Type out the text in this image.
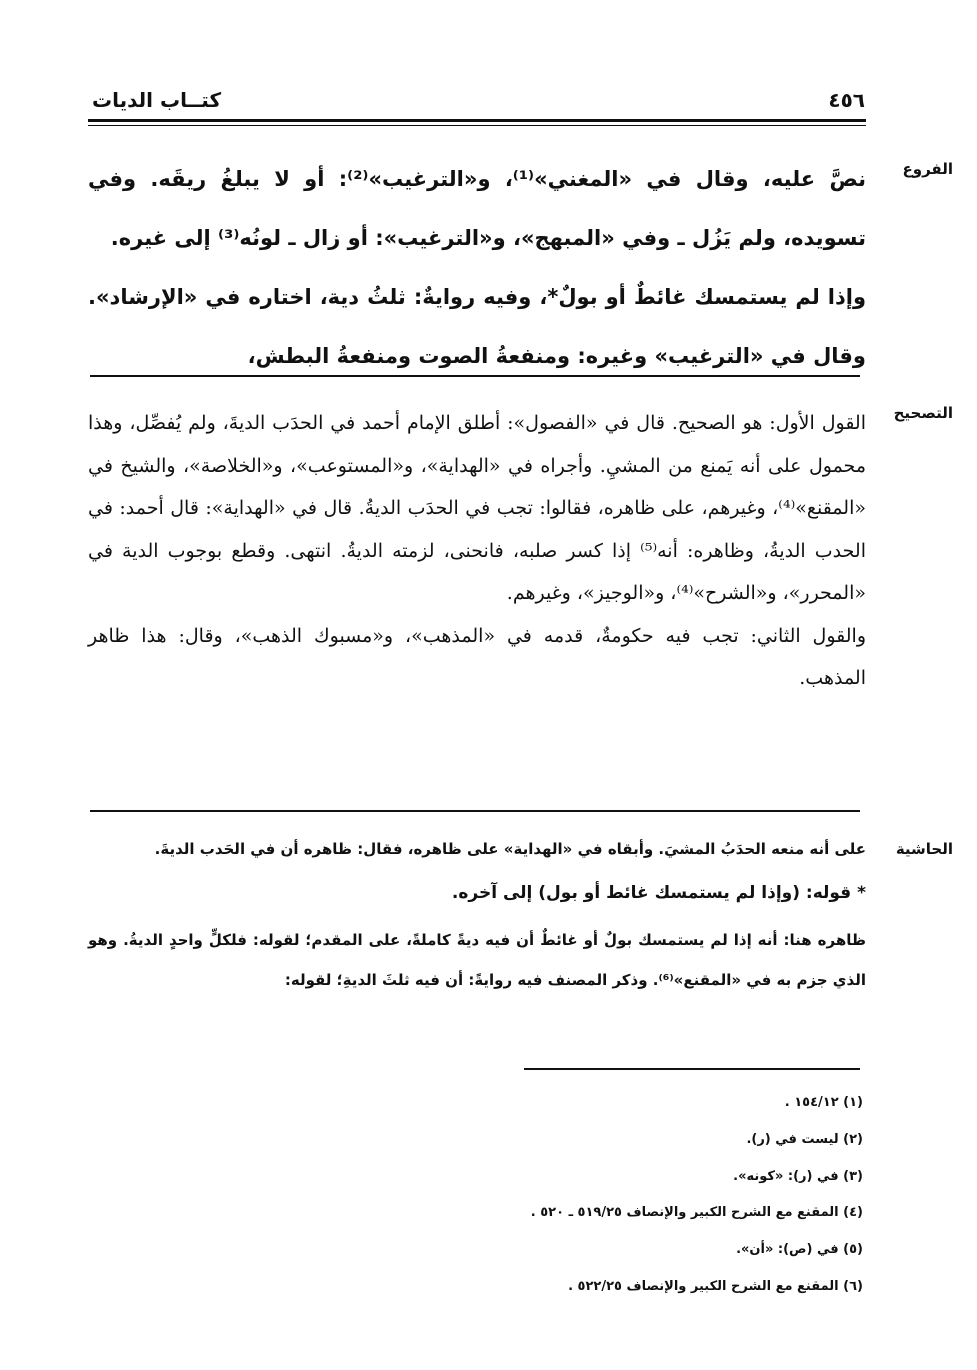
٤٥٦
كتــاب الديات
الفروع

نصَّ عليه، وقال في «المغني»⁽¹⁾، و«الترغيب»⁽²⁾: أو لا يبلغُ ريقَه. وفي تسويده، ولم يَزُل ـ وفي «المبهج»، و«الترغيب»: أو زال ـ لونُه⁽³⁾ إلى غيره.

وإذا لم يستمسك غائطٌ أو بولٌ*، وفيه روايةٌ: ثلثُ دية، اختاره في «الإرشاد». وقال في «الترغيب» وغيره: ومنفعةُ الصوت ومنفعةُ البطش،

التصحيح

القول الأول: هو الصحيح. قال في «الفصول»: أطلق الإمام أحمد في الحدَب الديةَ، ولم يُفصِّل، وهذا محمول على أنه يَمنع من المشيِ. وأجراه في «الهداية»، و«المستوعب»، و«الخلاصة»، والشيخ في «المقنع»⁽⁴⁾، وغيرهم، على ظاهره، فقالوا: تجب في الحدَب الديةُ. قال في «الهداية»: قال أحمد: في الحدب الديةُ، وظاهره: أنه⁽⁵⁾ إذا كسر صلبه، فانحنى، لزمته الديةُ. انتهى. وقطع بوجوب الدية في «المحرر»، و«الشرح»⁽⁴⁾، و«الوجيز»، وغيرهم.

والقول الثاني: تجب فيه حكومةٌ، قدمه في «المذهب»، و«مسبوك الذهب»، وقال: هذا ظاهر المذهب.

الحاشية

على أنه منعه الحدَبُ المشيَ. وأبقاه في «الهداية» على ظاهره، فقال: ظاهره أن في الحَدب الديةَ.

* قوله: (وإذا لم يستمسك غائط أو بول) إلى آخره.

ظاهره هنا: أنه إذا لم يستمسك بولٌ أو غائطٌ أن فيه ديةً كاملةً، على المقدم؛ لقوله: فلكلٍّ واحدٍ الديةُ. وهو الذي جزم به في «المقنع»⁽⁶⁾. وذكر المصنف فيه روايةً: أن فيه ثلثَ الديةِ؛ لقوله:

(١) ١٥٤/١٢ .
(٢) ليست في (ر).
(٣) في (ر): «كونه».
(٤) المقنع مع الشرح الكبير والإنصاف ٥١٩/٢٥ ـ ٥٢٠ .
(٥) في (ص): «أن».
(٦) المقنع مع الشرح الكبير والإنصاف ٥٢٢/٢٥ .
